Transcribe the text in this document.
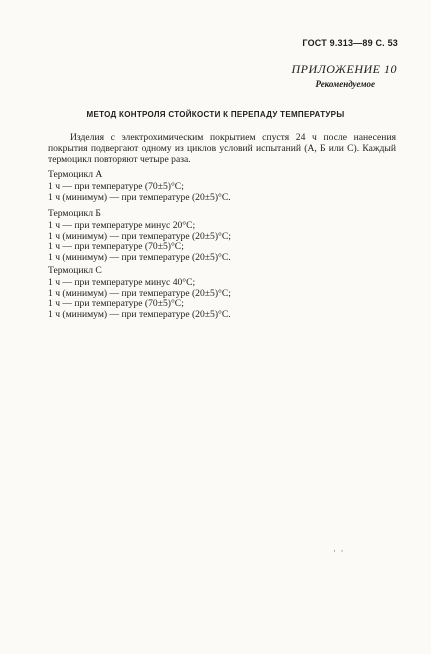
ГОСТ 9.313—89 С. 53
ПРИЛОЖЕНИЕ 10
Рекомендуемое
МЕТОД КОНТРОЛЯ СТОЙКОСТИ К ПЕРЕПАДУ ТЕМПЕРАТУРЫ

Изделия с электрохимическим покрытием спустя 24 ч после нанесения покрытия подвергают одному из циклов условий испытаний (А, Б или С). Каждый термоцикл повторяют четыре раза.

Термоцикл А
1 ч — при температуре (70±5)°С;
1 ч (минимум) — при температуре (20±5)°С.
Термоцикл Б
1 ч — при температуре минус 20°С;
1 ч (минимум) — при температуре (20±5)°С;
1 ч — при температуре (70±5)°С;
1 ч (минимум) — при температуре (20±5)°С.
Термоцикл С
1 ч — при температуре минус 40°С;
1 ч (минимум) — при температуре (20±5)°С;
1 ч — при температуре (70±5)°С;
1 ч (минимум) — при температуре (20±5)°С.
·  ·
